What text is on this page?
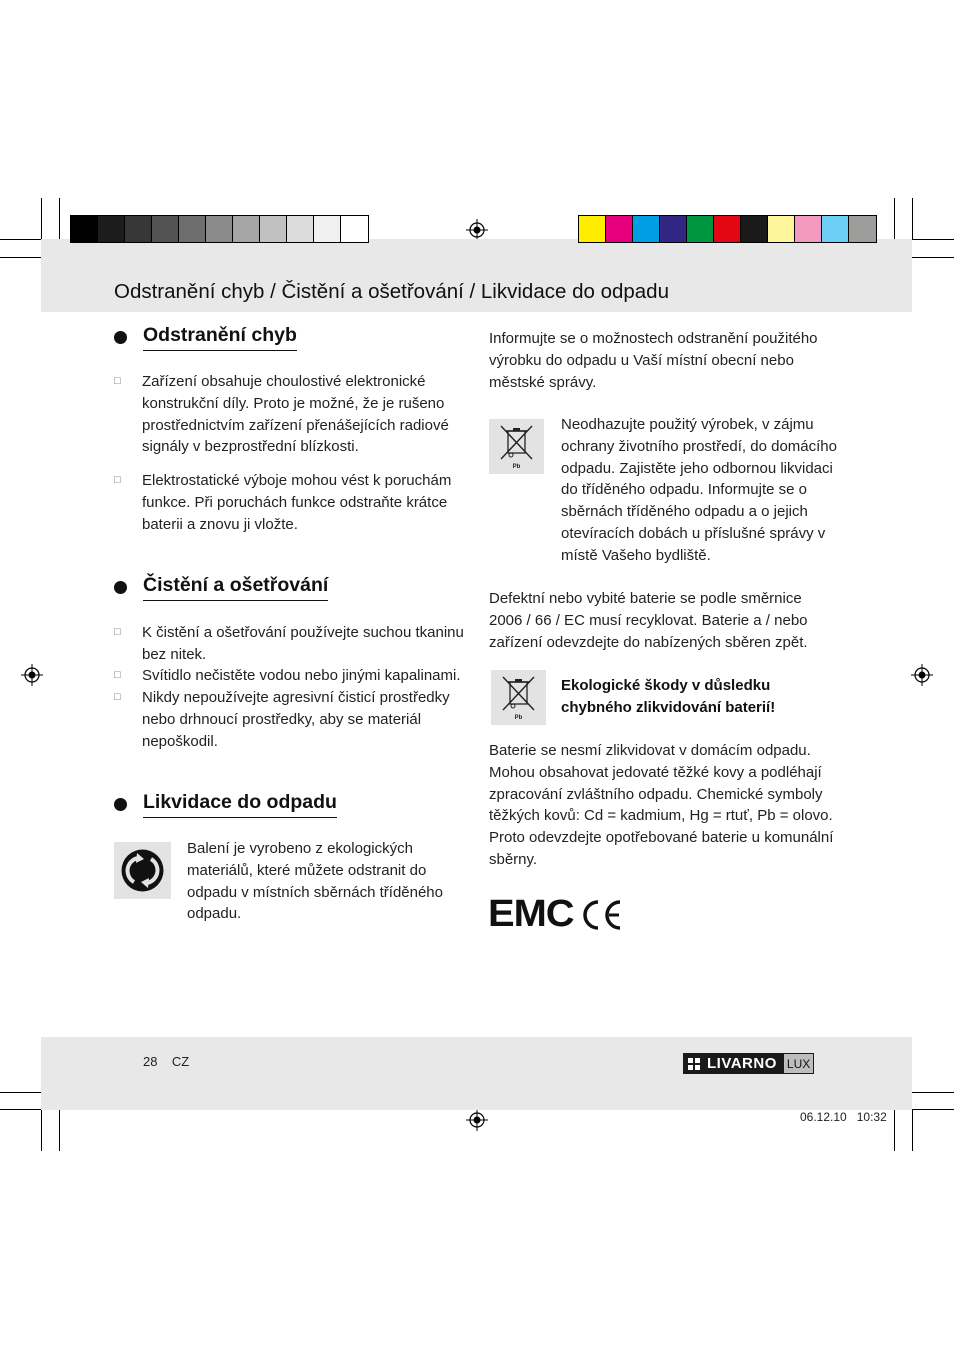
Odstranění chyb / Čistění a ošetřování / Likvidace do odpadu
Odstranění chyb
□ Zařízení obsahuje choulostivé elektronické konstrukční díly. Proto je možné, že je rušeno prostřednictvím zařízení přenášejících radiové signály v bezprostřední blízkosti.
□ Elektrostatické výboje mohou vést k poruchám funkce. Při poruchách funkce odstraňte krátce baterii a znovu ji vložte.
Čistění a ošetřování
□ K čistění a ošetřování používejte suchou tkaninu bez nitek.
□ Svítidlo nečistěte vodou nebo jinými kapalinami.
□ Nikdy nepoužívejte agresivní čisticí prostředky nebo drhnoucí prostředky, aby se materiál nepoškodil.
Likvidace do odpadu
Balení je vyrobeno z ekologických materiálů, které můžete odstranit do odpadu v místních sběrnách tříděného odpadu.
Informujte se o možnostech odstranění použitého výrobku do odpadu u Vaší místní obecní nebo městské správy.
Pb
Neodhazujte použitý výrobek, v zájmu ochrany životního prostředí, do domácího odpadu. Zajistěte jeho odbornou likvidaci do tříděného odpadu. Informujte se o sběrnách tříděného odpadu a o jejich otevíracích dobách u příslušné správy v místě Vašeho bydliště.
Defektní nebo vybité baterie se podle směrnice 2006 / 66 / EC musí recyklovat. Baterie a / nebo zařízení odevzdejte do nabízených sběren zpět.
Pb
Ekologické škody v důsledku chybného zlikvidování baterií!
Baterie se nesmí zlikvidovat v domácím odpadu. Mohou obsahovat jedovaté těžké kovy a podléhají zpracování zvláštního odpadu. Chemické symboly těžkých kovů: Cd = kadmium, Hg = rtuť, Pb = olovo. Proto odevzdejte opotřebované baterie u komunální sběrny.
EMC
28 CZ	LIVARNO LUX
06.12.10 10:32
